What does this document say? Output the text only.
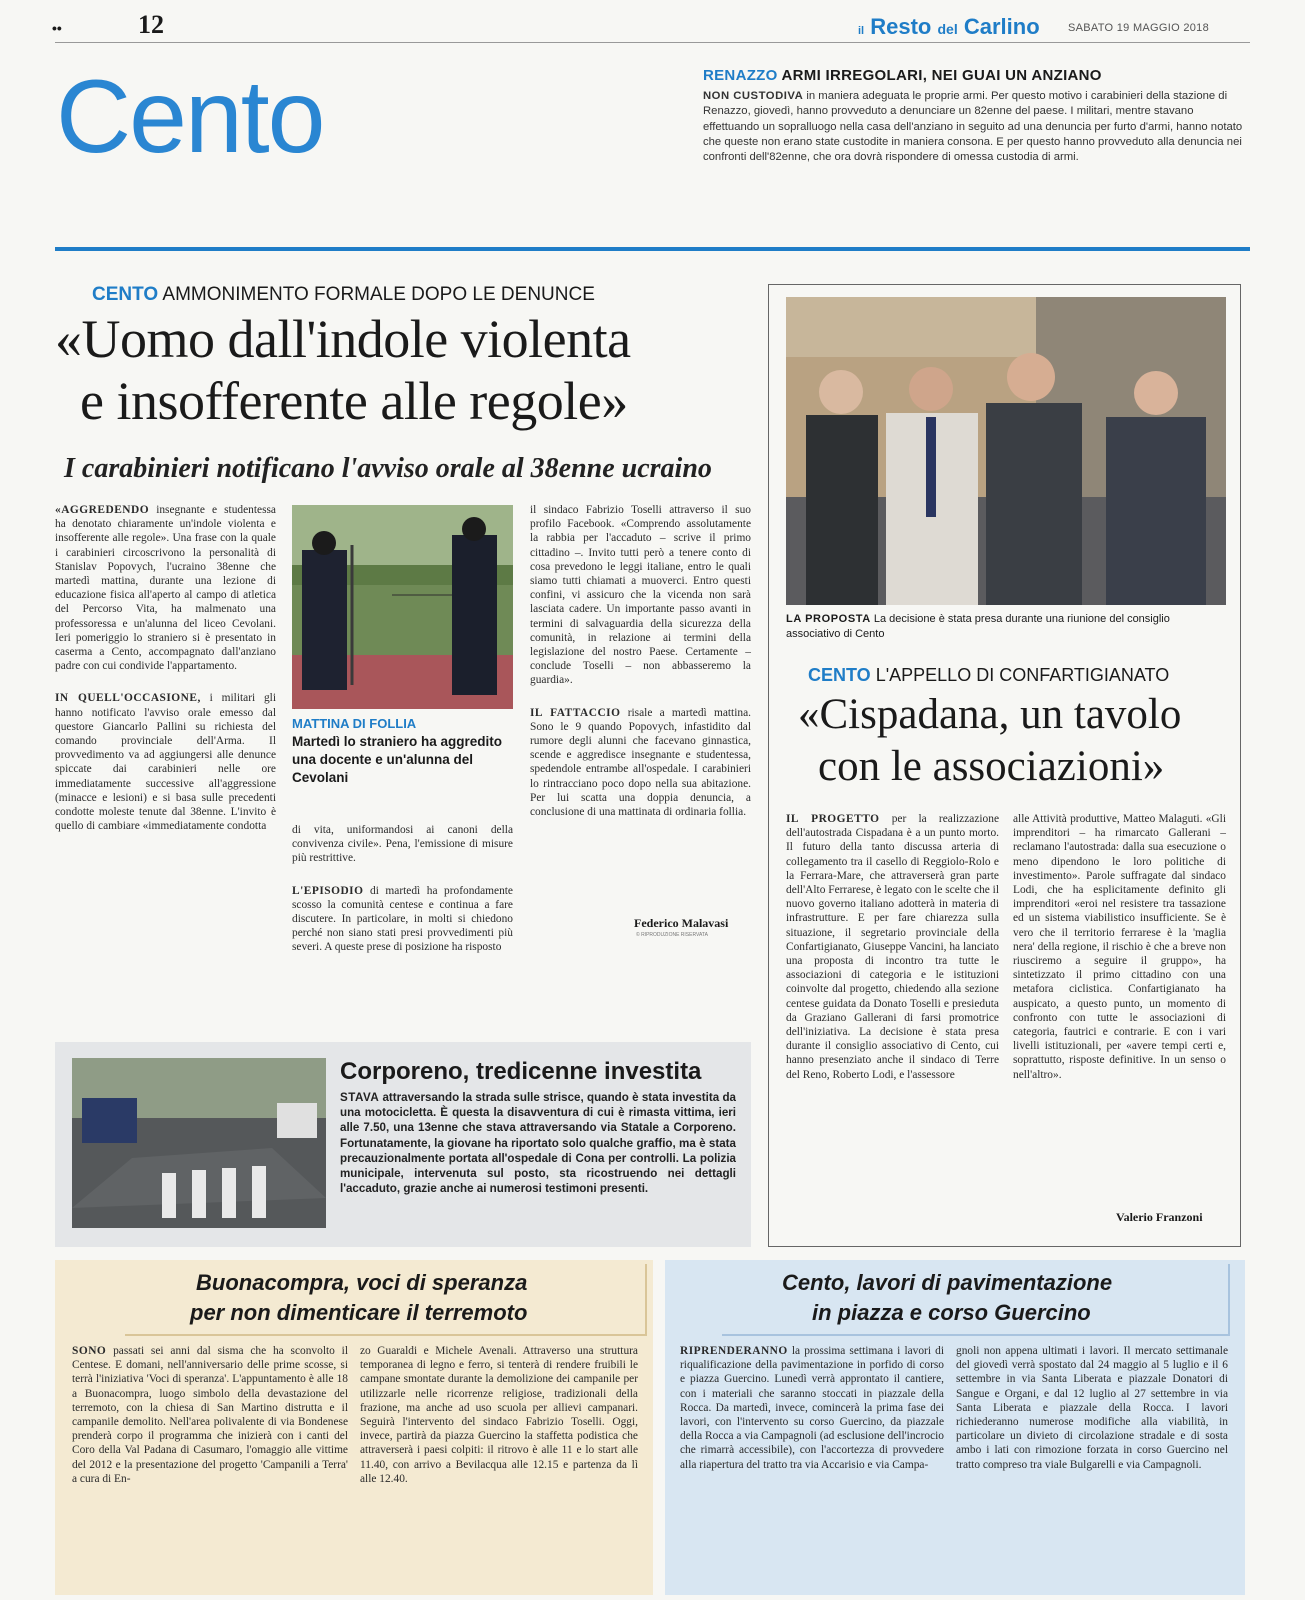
••	12	il Resto del Carlino	SABATO 19 MAGGIO 2018
Cento	RENAZZO ARMI IRREGOLARI, NEI GUAI UN ANZIANO
NON CUSTODIVA in maniera adeguata le proprie armi. Per questo motivo i carabinieri della stazione di Renazzo, giovedì, hanno provveduto a denunciare un 82enne del paese. I militari, mentre stavano effettuando un sopralluogo nella casa dell'anziano in seguito ad una denuncia per furto d'armi, hanno notato che queste non erano state custodite in maniera consona. E per questo hanno provveduto alla denuncia nei confronti dell'82enne, che ora dovrà rispondere di omessa custodia di armi.
CENTO AMMONIMENTO FORMALE DOPO LE DENUNCE
«Uomo dall'indole violenta
e insofferente alle regole»
I carabinieri notificano l'avviso orale al 38enne ucraino

«AGGREDENDO insegnante e studentessa ha denotato chiaramente un'indole violenta e insofferente alle regole». Una frase con la quale i carabinieri circoscrivono la personalità di Stanislav Popovych, l'ucraino 38enne che martedì mattina, durante una lezione di educazione fisica all'aperto al campo di atletica del Percorso Vita, ha malmenato una professoressa e un'alunna del liceo Cevolani. Ieri pomeriggio lo straniero si è presentato in caserma a Cento, accompagnato dall'anziano padre con cui condivide l'appartamento.

IN QUELL'OCCASIONE, i militari gli hanno notificato l'avviso orale emesso dal questore Giancarlo Pallini su richiesta del comando provinciale dell'Arma. Il provvedimento va ad aggiungersi alle denunce spiccate dai carabinieri nelle ore immediatamente successive all'aggressione (minacce e lesioni) e si basa sulle precedenti condotte moleste tenute dal 38enne. L'invito è quello di cambiare «immediatamente condotta

MATTINA DI FOLLIA
Martedì lo straniero ha aggredito una docente e un'alunna del Cevolani

di vita, uniformandosi ai canoni della convivenza civile». Pena, l'emissione di misure più restrittive.

L'EPISODIO di martedì ha profondamente scosso la comunità centese e continua a fare discutere. In particolare, in molti si chiedono perché non siano stati presi provvedimenti più severi. A queste prese di posizione ha risposto

il sindaco Fabrizio Toselli attraverso il suo profilo Facebook. «Comprendo assolutamente la rabbia per l'accaduto – scrive il primo cittadino –. Invito tutti però a tenere conto di cosa prevedono le leggi italiane, entro le quali siamo tutti chiamati a muoverci. Entro questi confini, vi assicuro che la vicenda non sarà lasciata cadere. Un importante passo avanti in termini di salvaguardia della sicurezza della comunità, in relazione ai termini della legislazione del nostro Paese. Certamente – conclude Toselli – non abbasseremo la guardia».

IL FATTACCIO risale a martedì mattina. Sono le 9 quando Popovych, infastidito dal rumore degli alunni che facevano ginnastica, scende e aggredisce insegnante e studentessa, spedendole entrambe all'ospedale. I carabinieri lo rintracciano poco dopo nella sua abitazione. Per lui scatta una doppia denuncia, a conclusione di una mattinata di ordinaria follia.

Federico Malavasi
© RIPRODUZIONE RISERVATA
LA PROPOSTA La decisione è stata presa durante una riunione del consiglio associativo di Cento
CENTO L'APPELLO DI CONFARTIGIANATO
«Cispadana, un tavolo
con le associazioni»
IL PROGETTO per la realizzazione dell'autostrada Cispadana è a un punto morto. Il futuro della tanto discussa arteria di collegamento tra il casello di Reggiolo-Rolo e la Ferrara-Mare, che attraverserà gran parte dell'Alto Ferrarese, è legato con le scelte che il nuovo governo italiano adotterà in materia di infrastrutture. E per fare chiarezza sulla situazione, il segretario provinciale della Confartigianato, Giuseppe Vancini, ha lanciato una proposta di incontro tra tutte le associazioni di categoria e le istituzioni coinvolte dal progetto, chiedendo alla sezione centese guidata da Donato Toselli e presieduta da Graziano Gallerani di farsi promotrice dell'iniziativa. La decisione è stata presa durante il consiglio associativo di Cento, cui hanno presenziato anche il sindaco di Terre del Reno, Roberto Lodi, e l'assessore
alle Attività produttive, Matteo Malaguti. «Gli imprenditori – ha rimarcato Gallerani – reclamano l'autostrada: dalla sua esecuzione o meno dipendono le loro politiche di investimento». Parole suffragate dal sindaco Lodi, che ha esplicitamente definito gli imprenditori «eroi nel resistere tra tassazione ed un sistema viabilistico insufficiente. Se è vero che il territorio ferrarese è la 'maglia nera' della regione, il rischio è che a breve non riusciremo a seguire il gruppo», ha sintetizzato il primo cittadino con una metafora ciclistica. Confartigianato ha auspicato, a questo punto, un momento di confronto con tutte le associazioni di categoria, fautrici e contrarie. E con i vari livelli istituzionali, per «avere tempi certi e, soprattutto, risposte definitive. In un senso o nell'altro».
Valerio Franzoni
Corporeno, tredicenne investita
STAVA attraversando la strada sulle strisce, quando è stata investita da una motocicletta. È questa la disavventura di cui è rimasta vittima, ieri alle 7.50, una 13enne che stava attraversando via Statale a Corporeno. Fortunatamente, la giovane ha riportato solo qualche graffio, ma è stata precauzionalmente portata all'ospedale di Cona per controlli. La polizia municipale, intervenuta sul posto, sta ricostruendo nei dettagli l'accaduto, grazie anche ai numerosi testimoni presenti.
Buonacompra, voci di speranza
per non dimenticare il terremoto
SONO passati sei anni dal sisma che ha sconvolto il Centese. E domani, nell'anniversario delle prime scosse, si terrà l'iniziativa 'Voci di speranza'. L'appuntamento è alle 18 a Buonacompra, luogo simbolo della devastazione del terremoto, con la chiesa di San Martino distrutta e il campanile demolito. Nell'area polivalente di via Bondenese prenderà corpo il programma che inizierà con i canti del Coro della Val Padana di Casumaro, l'omaggio alle vittime del 2012 e la presentazione del progetto 'Campanili a Terra' a cura di En-
zo Guaraldi e Michele Avenali. Attraverso una struttura temporanea di legno e ferro, si tenterà di rendere fruibili le campane smontate durante la demolizione dei campanile per utilizzarle nelle ricorrenze religiose, tradizionali della frazione, ma anche ad uso scuola per allievi campanari. Seguirà l'intervento del sindaco Fabrizio Toselli. Oggi, invece, partirà da piazza Guercino la staffetta podistica che attraverserà i paesi colpiti: il ritrovo è alle 11 e lo start alle 11.40, con arrivo a Bevilacqua alle 12.15 e partenza da lì alle 12.40.
Cento, lavori di pavimentazione
in piazza e corso Guercino
RIPRENDERANNO la prossima settimana i lavori di riqualificazione della pavimentazione in porfido di corso e piazza Guercino. Lunedì verrà approntato il cantiere, con i materiali che saranno stoccati in piazzale della Rocca. Da martedì, invece, comincerà la prima fase dei lavori, con l'intervento su corso Guercino, da piazzale della Rocca a via Campagnoli (ad esclusione dell'incrocio che rimarrà accessibile), con l'accortezza di provvedere alla riapertura del tratto tra via Accarisio e via Campa-
gnoli non appena ultimati i lavori. Il mercato settimanale del giovedì verrà spostato dal 24 maggio al 5 luglio e il 6 settembre in via Santa Liberata e piazzale Donatori di Sangue e Organi, e dal 12 luglio al 27 settembre in via Santa Liberata e piazzale della Rocca. I lavori richiederanno numerose modifiche alla viabilità, in particolare un divieto di circolazione stradale e di sosta ambo i lati con rimozione forzata in corso Guercino nel tratto compreso tra viale Bulgarelli e via Campagnoli.
